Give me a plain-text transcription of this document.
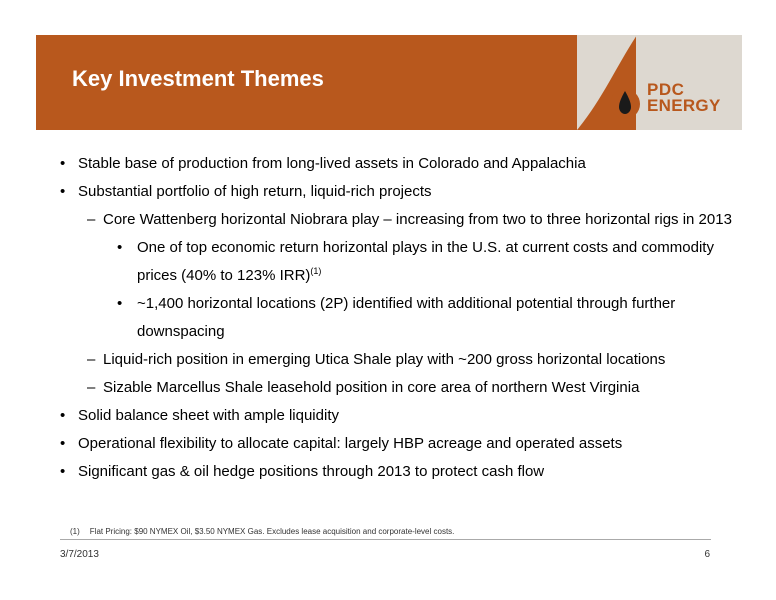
Key Investment Themes	PDC
ENERGY
• Stable base of production from long-lived assets in Colorado and Appalachia
• Substantial portfolio of high return, liquid-rich projects
– Core Wattenberg horizontal Niobrara play – increasing from two to three horizontal rigs in 2013
• One of top economic return horizontal plays in the U.S. at current costs and commodity prices (40% to 123% IRR)$^{(1)}$
• ~1,400 horizontal locations (2P) identified with additional potential through further downspacing
– Liquid-rich position in emerging Utica Shale play with ~200 gross horizontal locations
– Sizable Marcellus Shale leasehold position in core area of northern West Virginia
• Solid balance sheet with ample liquidity
• Operational flexibility to allocate capital: largely HBP acreage and operated assets
• Significant gas & oil hedge positions through 2013 to protect cash flow
(1) Flat Pricing: $90 NYMEX Oil, $3.50 NYMEX Gas. Excludes lease acquisition and corporate-level costs.
3/7/2013	6
